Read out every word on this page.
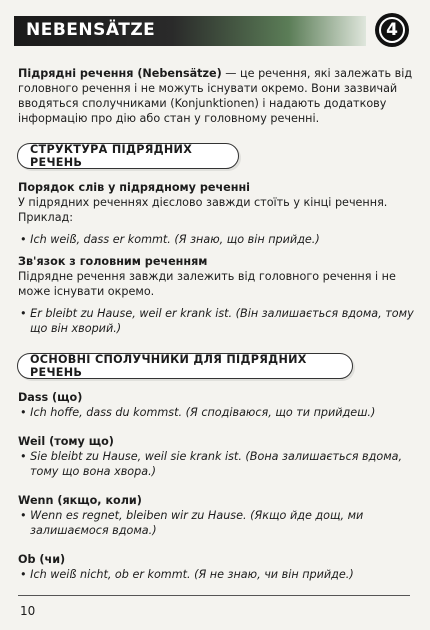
NEBENSÄTZE	4
Підрядні речення (Nebensätze) — це речення, які залежать від головного речення і не можуть існувати окремо. Вони зазвичай вводяться сполучниками (Konjunktionen) і надають додаткову інформацію про дію або стан у головному реченні.
СТРУКТУРА ПІДРЯДНИХ РЕЧЕНЬ
Порядок слів у підрядному реченні
У підрядних реченнях дієслово завжди стоїть у кінці речення. Приклад:
• Ich weiß, dass er kommt. (Я знаю, що він прийде.)
Зв'язок з головним реченням
Підрядне речення завжди залежить від головного речення і не може існувати окремо.
• Er bleibt zu Hause, weil er krank ist. (Він залишається вдома, тому що він хворий.)
ОСНОВНІ СПОЛУЧНИКИ ДЛЯ ПІДРЯДНИХ РЕЧЕНЬ
Dass (що)
• Ich hoffe, dass du kommst. (Я сподіваюся, що ти прийдеш.)
Weil (тому що)
• Sie bleibt zu Hause, weil sie krank ist. (Вона залишається вдома, тому що вона хвора.)
Wenn (якщо, коли)
• Wenn es regnet, bleiben wir zu Hause. (Якщо йде дощ, ми залишаємося вдома.)
Ob (чи)
• Ich weiß nicht, ob er kommt. (Я не знаю, чи він прийде.)
10
